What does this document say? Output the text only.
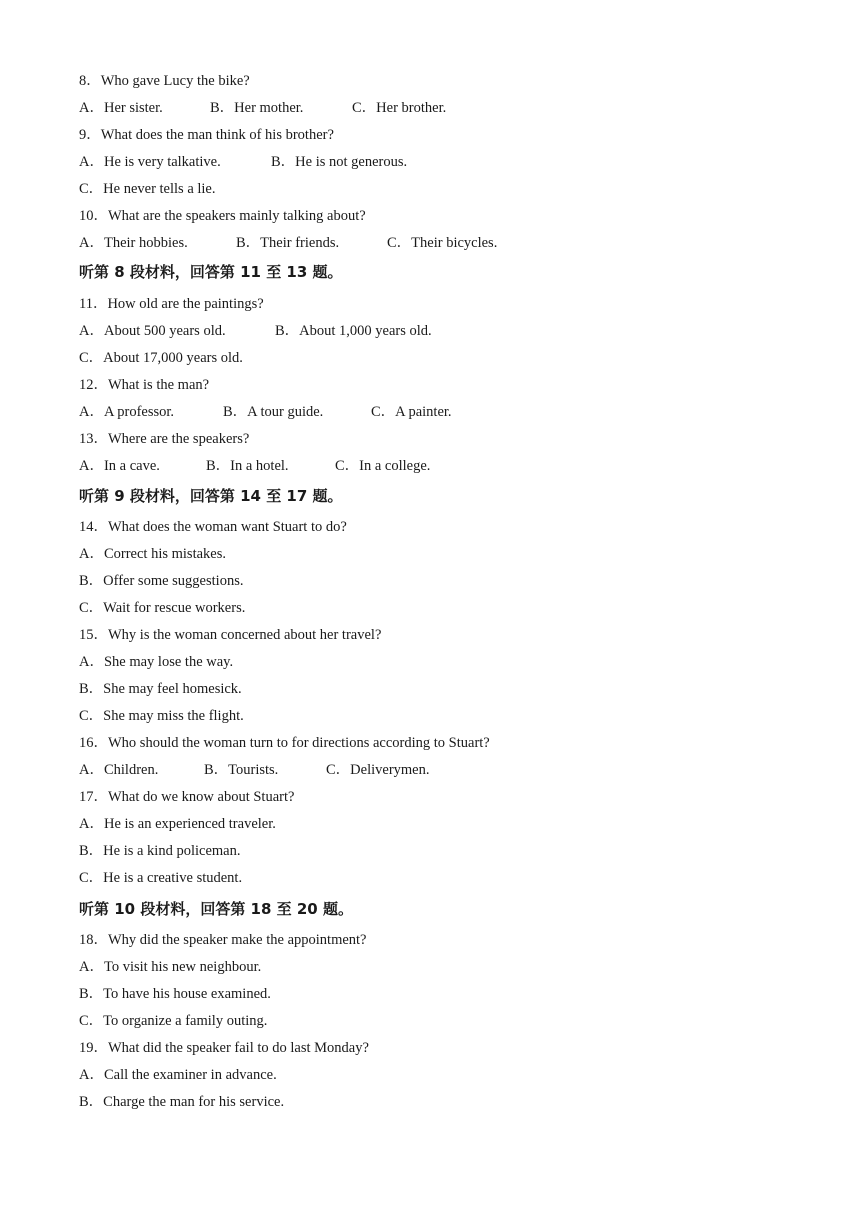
8．Who gave Lucy the bike?
A．Her sister.	B．Her mother.	C．Her brother.
9．What does the man think of his brother?
A．He is very talkative.	B．He is not generous.
C．He never tells a lie.
10．What are the speakers mainly talking about?
A．Their hobbies.	B．Their friends.	C．Their bicycles.
听第 8 段材料，回答第 11 至 13 题。
11．How old are the paintings?
A．About 500 years old.	B．About 1,000 years old.
C．About 17,000 years old.
12．What is the man?
A．A professor.	B．A tour guide.	C．A painter.
13．Where are the speakers?
A．In a cave.	B．In a hotel.	C．In a college.
听第 9 段材料，回答第 14 至 17 题。
14．What does the woman want Stuart to do?
A．Correct his mistakes.
B．Offer some suggestions.
C．Wait for rescue workers.
15．Why is the woman concerned about her travel?
A．She may lose the way.
B．She may feel homesick.
C．She may miss the flight.
16．Who should the woman turn to for directions according to Stuart?
A．Children.	B．Tourists.	C．Deliverymen.
17．What do we know about Stuart?
A．He is an experienced traveler.
B．He is a kind policeman.
C．He is a creative student.
听第 10 段材料，回答第 18 至 20 题。
18．Why did the speaker make the appointment?
A．To visit his new neighbour.
B．To have his house examined.
C．To organize a family outing.
19．What did the speaker fail to do last Monday?
A．Call the examiner in advance.
B．Charge the man for his service.
